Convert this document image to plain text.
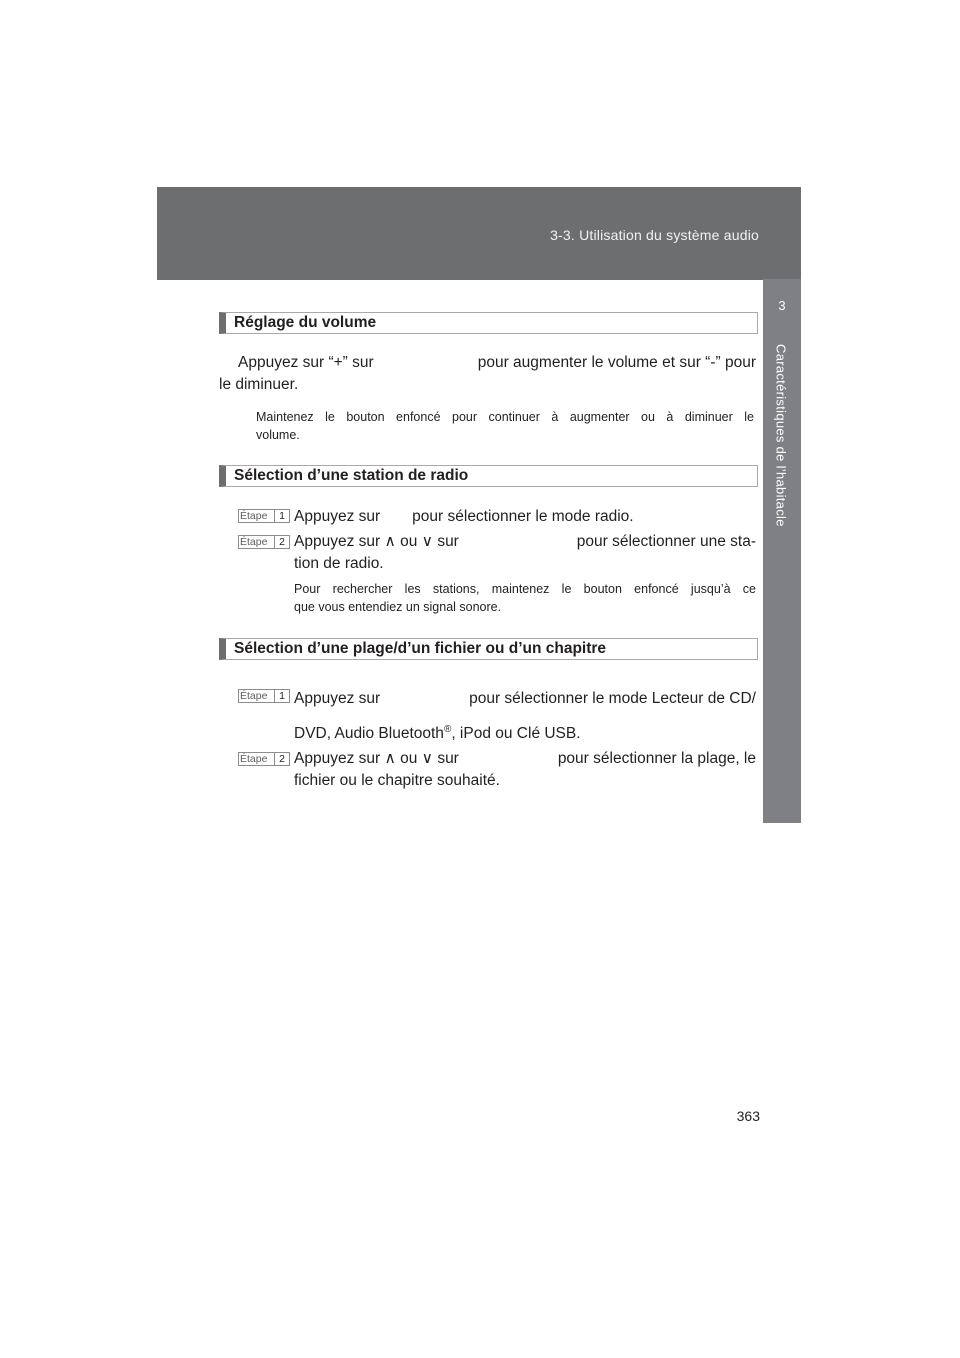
3-3. Utilisation du système audio
3
Caractéristiques de l’habitacle
Réglage du volume
Appuyez sur “+” sur	pour augmenter le volume et sur “-” pour
le diminuer.
Maintenez le bouton enfoncé pour continuer à augmenter ou à diminuer le
volume.
Sélection d’une station de radio
Étape	1 Appuyez sur pour sélectionner le mode radio.
Étape	2 Appuyez sur ∧ ou ∨ sur	pour sélectionner une sta-
tion de radio.
Pour rechercher les stations, maintenez le bouton enfoncé jusqu’à ce
que vous entendiez un signal sonore.
Sélection d’une plage/d’un fichier ou d’un chapitre
Étape	1 Appuyez sur	pour sélectionner le mode Lecteur de CD/
DVD, Audio Bluetooth®, iPod ou Clé USB.
Étape	2 Appuyez sur ∧ ou ∨ sur	pour sélectionner la plage, le
fichier ou le chapitre souhaité.
363
